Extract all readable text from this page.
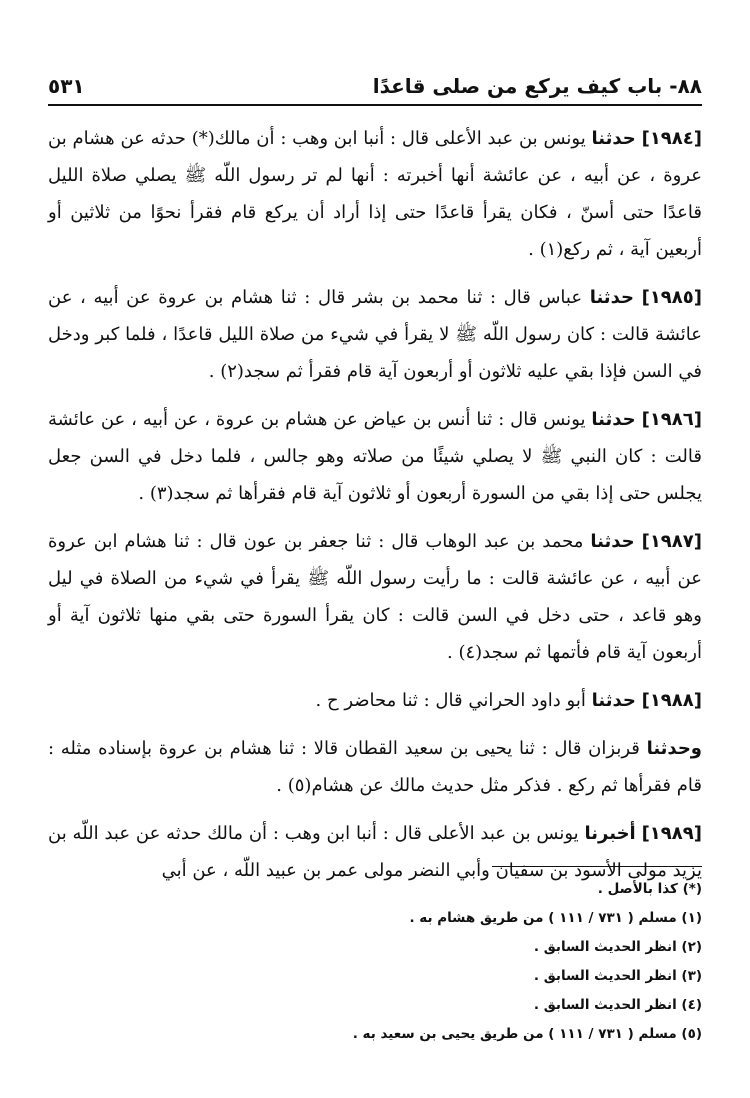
٨٨- باب كيف يركع من صلى قاعدًا
٥٣١

[١٩٨٤] حدثنا يونس بن عبد الأعلى قال : أنبا ابن وهب : أن مالك(*) حدثه عن هشام بن عروة ، عن أبيه ، عن عائشة أنها أخبرته : أنها لم تر رسول اللّه ﷺ يصلي صلاة الليل قاعدًا حتى أسنّ ، فكان يقرأ قاعدًا حتى إذا أراد أن يركع قام فقرأ نحوًا من ثلاثين أو أربعين آية ، ثم ركع(١) .

[١٩٨٥] حدثنا عباس قال : ثنا محمد بن بشر قال : ثنا هشام بن عروة عن أبيه ، عن عائشة قالت : كان رسول اللّه ﷺ لا يقرأ في شيء من صلاة الليل قاعدًا ، فلما كبر ودخل في السن فإذا بقي عليه ثلاثون أو أربعون آية قام فقرأ ثم سجد(٢) .

[١٩٨٦] حدثنا يونس قال : ثنا أنس بن عياض عن هشام بن عروة ، عن أبيه ، عن عائشة قالت : كان النبي ﷺ لا يصلي شيئًا من صلاته وهو جالس ، فلما دخل في السن جعل يجلس حتى إذا بقي من السورة أربعون أو ثلاثون آية قام فقرأها ثم سجد(٣) .

[١٩٨٧] حدثنا محمد بن عبد الوهاب قال : ثنا جعفر بن عون قال : ثنا هشام ابن عروة عن أبيه ، عن عائشة قالت : ما رأيت رسول اللّه ﷺ يقرأ في شيء من الصلاة في ليل وهو قاعد ، حتى دخل في السن قالت : كان يقرأ السورة حتى بقي منها ثلاثون آية أو أربعون آية قام فأتمها ثم سجد(٤) .

[١٩٨٨] حدثنا أبو داود الحراني قال : ثنا محاضر ح .

وحدثنا قربزان قال : ثنا يحيى بن سعيد القطان قالا : ثنا هشام بن عروة بإسناده مثله : قام فقرأها ثم ركع . فذكر مثل حديث مالك عن هشام(٥) .

[١٩٨٩] أخبرنا يونس بن عبد الأعلى قال : أنبا ابن وهب : أن مالك حدثه عن عبد اللّه بن يزيد مولى الأسود بن سفيان وأبي النضر مولى عمر بن عبيد اللّه ، عن أبي

(*) كذا بالأصل .

(١) مسلم ( ٧٣١ / ١١١ ) من طريق هشام به .

(٢) انظر الحديث السابق .

(٣) انظر الحديث السابق .

(٤) انظر الحديث السابق .

(٥) مسلم ( ٧٣١ / ١١١ ) من طريق يحيى بن سعيد به .
